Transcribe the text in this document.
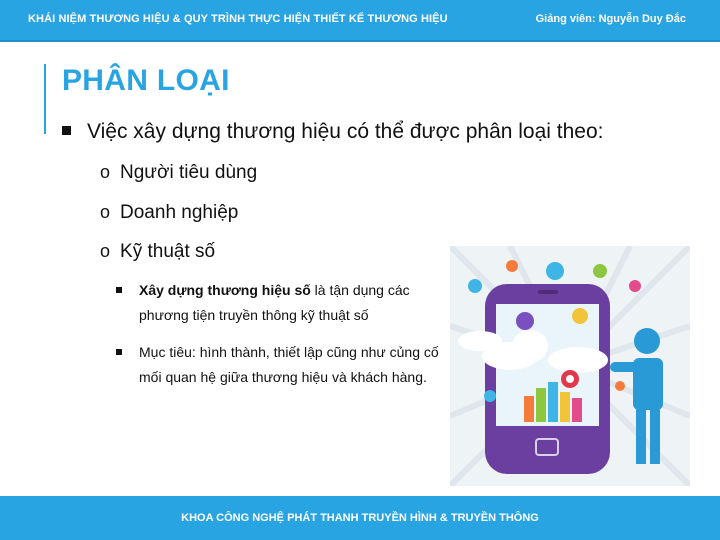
KHÁI NIỆM THƯƠNG HIỆU & QUY TRÌNH THỰC HIỆN THIẾT KẾ THƯƠNG HIỆU	Giảng viên: Nguyễn Duy Đắc
PHÂN LOẠI
Việc xây dựng thương hiệu có thể được phân loại theo:
o Người tiêu dùng
o Doanh nghiệp
o Kỹ thuật số
Xây dựng thương hiệu số là tận dụng các phương tiện truyền thông kỹ thuật số
Mục tiêu: hình thành, thiết lập cũng như củng cố mối quan hệ giữa thương hiệu và khách hàng.
KHOA CÔNG NGHỆ PHÁT THANH TRUYỀN HÌNH & TRUYỀN THÔNG
